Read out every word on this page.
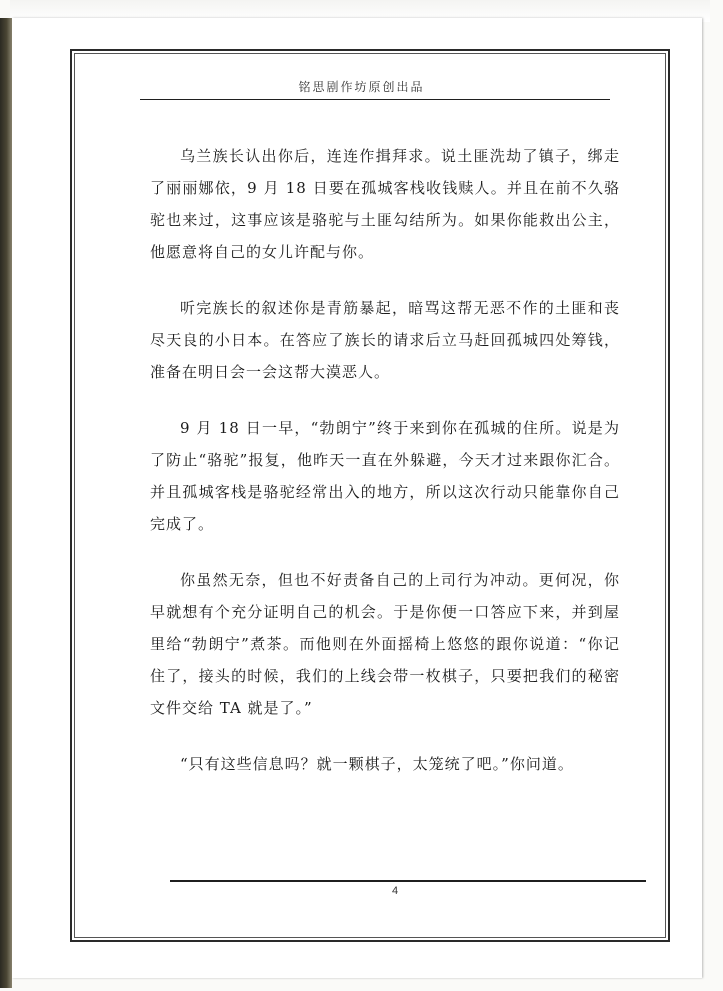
铭思剧作坊原创出品

乌兰族长认出你后，连连作揖拜求。说土匪洗劫了镇子，绑走了丽丽娜依，9 月 18 日要在孤城客栈收钱赎人。并且在前不久骆驼也来过，这事应该是骆驼与土匪勾结所为。如果你能救出公主，他愿意将自己的女儿许配与你。

听完族长的叙述你是青筋暴起，暗骂这帮无恶不作的土匪和丧尽天良的小日本。在答应了族长的请求后立马赶回孤城四处筹钱，准备在明日会一会这帮大漠恶人。

9 月 18 日一早，“勃朗宁”终于来到你在孤城的住所。说是为了防止“骆驼”报复，他昨天一直在外躲避，今天才过来跟你汇合。并且孤城客栈是骆驼经常出入的地方，所以这次行动只能靠你自己完成了。

你虽然无奈，但也不好责备自己的上司行为冲动。更何况，你早就想有个充分证明自己的机会。于是你便一口答应下来，并到屋里给“勃朗宁”煮茶。而他则在外面摇椅上悠悠的跟你说道：“你记住了，接头的时候，我们的上线会带一枚棋子，只要把我们的秘密文件交给 TA 就是了。”

“只有这些信息吗？就一颗棋子，太笼统了吧。”你问道。

4
